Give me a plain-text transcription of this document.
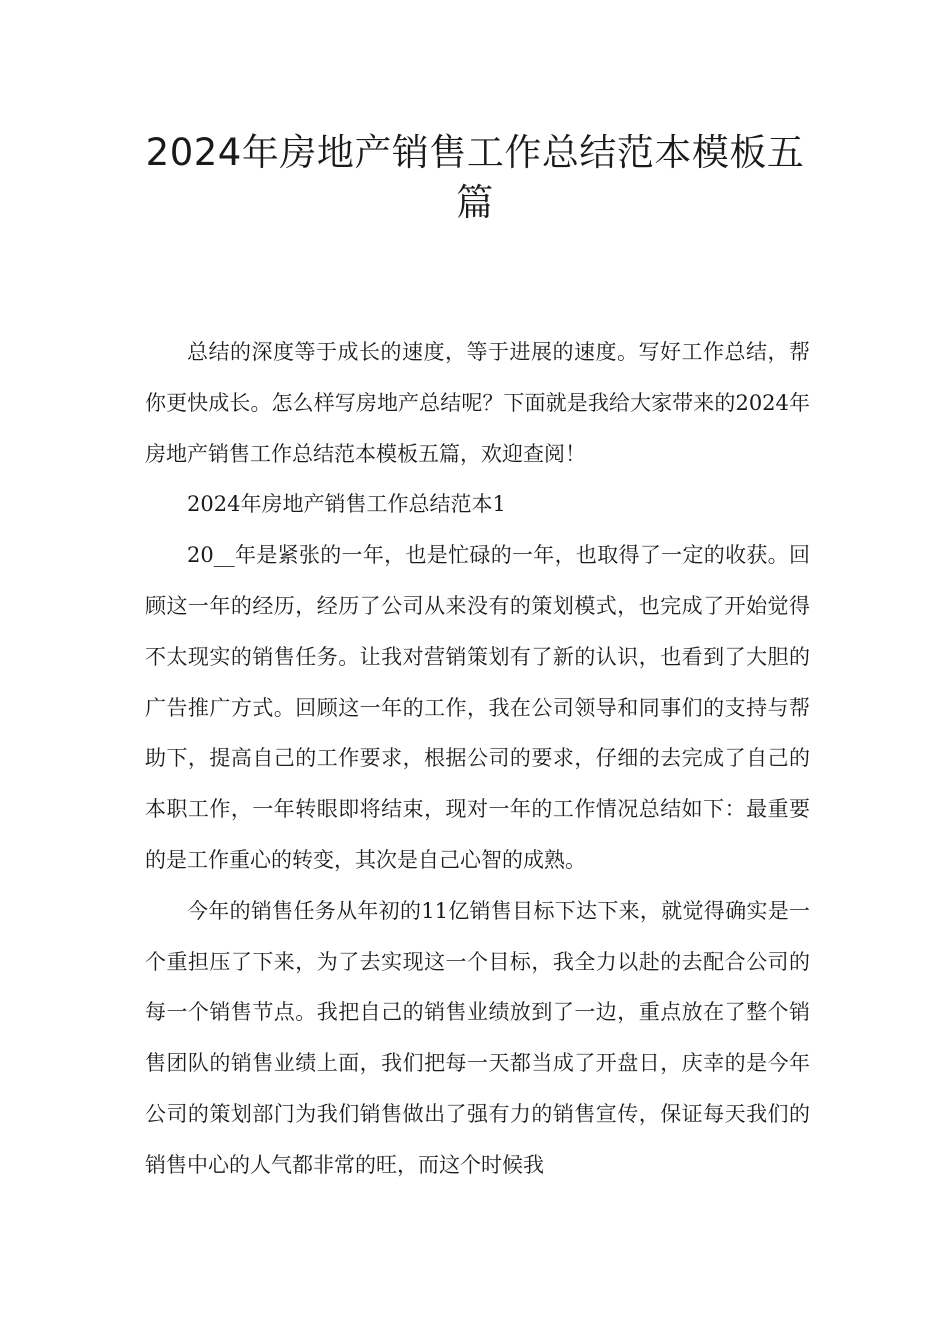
2024年房地产销售工作总结范本模板五篇

总结的深度等于成长的速度，等于进展的速度。写好工作总结，帮你更快成长。怎么样写房地产总结呢？下面就是我给大家带来的2024年房地产销售工作总结范本模板五篇，欢迎查阅！

2024年房地产销售工作总结范本1

20__年是紧张的一年，也是忙碌的一年，也取得了一定的收获。回顾这一年的经历，经历了公司从来没有的策划模式，也完成了开始觉得不太现实的销售任务。让我对营销策划有了新的认识，也看到了大胆的广告推广方式。回顾这一年的工作，我在公司领导和同事们的支持与帮助下，提高自己的工作要求，根据公司的要求，仔细的去完成了自己的本职工作，一年转眼即将结束，现对一年的工作情况总结如下：最重要的是工作重心的转变，其次是自己心智的成熟。

今年的销售任务从年初的11亿销售目标下达下来，就觉得确实是一个重担压了下来，为了去实现这一个目标，我全力以赴的去配合公司的每一个销售节点。我把自己的销售业绩放到了一边，重点放在了整个销售团队的销售业绩上面，我们把每一天都当成了开盘日，庆幸的是今年公司的策划部门为我们销售做出了强有力的销售宣传，保证每天我们的销售中心的人气都非常的旺，而这个时候我
